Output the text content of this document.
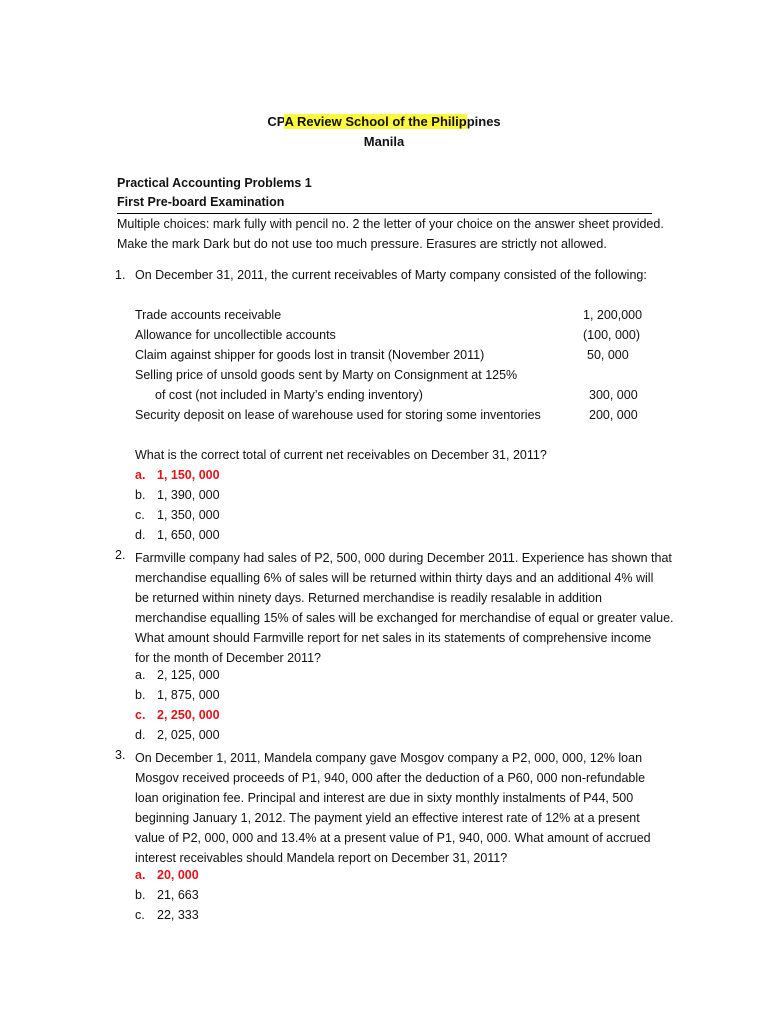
CPA Review School of the Philippines
Manila
Practical Accounting Problems 1
First Pre-board Examination
Multiple choices: mark fully with pencil no. 2 the letter of your choice on the answer sheet provided.
Make the mark Dark but do not use too much pressure. Erasures are strictly not allowed.
1. On December 31, 2011, the current receivables of Marty company consisted of the following:
Trade accounts receivable	1, 200,000
Allowance for uncollectible accounts	(100, 000)
Claim against shipper for goods lost in transit (November 2011)	50, 000
Selling price of unsold goods sent by Marty on Consignment at 125%
of cost (not included in Marty’s ending inventory)	300, 000
Security deposit on lease of warehouse used for storing some inventories	200, 000
What is the correct total of current net receivables on December 31, 2011?
a. 1, 150, 000
b. 1, 390, 000
c. 1, 350, 000
d. 1, 650, 000
2. Farmville company had sales of P2, 500, 000 during December 2011. Experience has shown that
merchandise equalling 6% of sales will be returned within thirty days and an additional 4% will
be returned within ninety days. Returned merchandise is readily resalable in addition
merchandise equalling 15% of sales will be exchanged for merchandise of equal or greater value.
What amount should Farmville report for net sales in its statements of comprehensive income
for the month of December 2011?
a. 2, 125, 000
b. 1, 875, 000
c. 2, 250, 000
d. 2, 025, 000
3. On December 1, 2011, Mandela company gave Mosgov company a P2, 000, 000, 12% loan
Mosgov received proceeds of P1, 940, 000 after the deduction of a P60, 000 non-refundable
loan origination fee. Principal and interest are due in sixty monthly instalments of P44, 500
beginning January 1, 2012. The payment yield an effective interest rate of 12% at a present
value of P2, 000, 000 and 13.4% at a present value of P1, 940, 000. What amount of accrued
interest receivables should Mandela report on December 31, 2011?
a. 20, 000
b. 21, 663
c. 22, 333
